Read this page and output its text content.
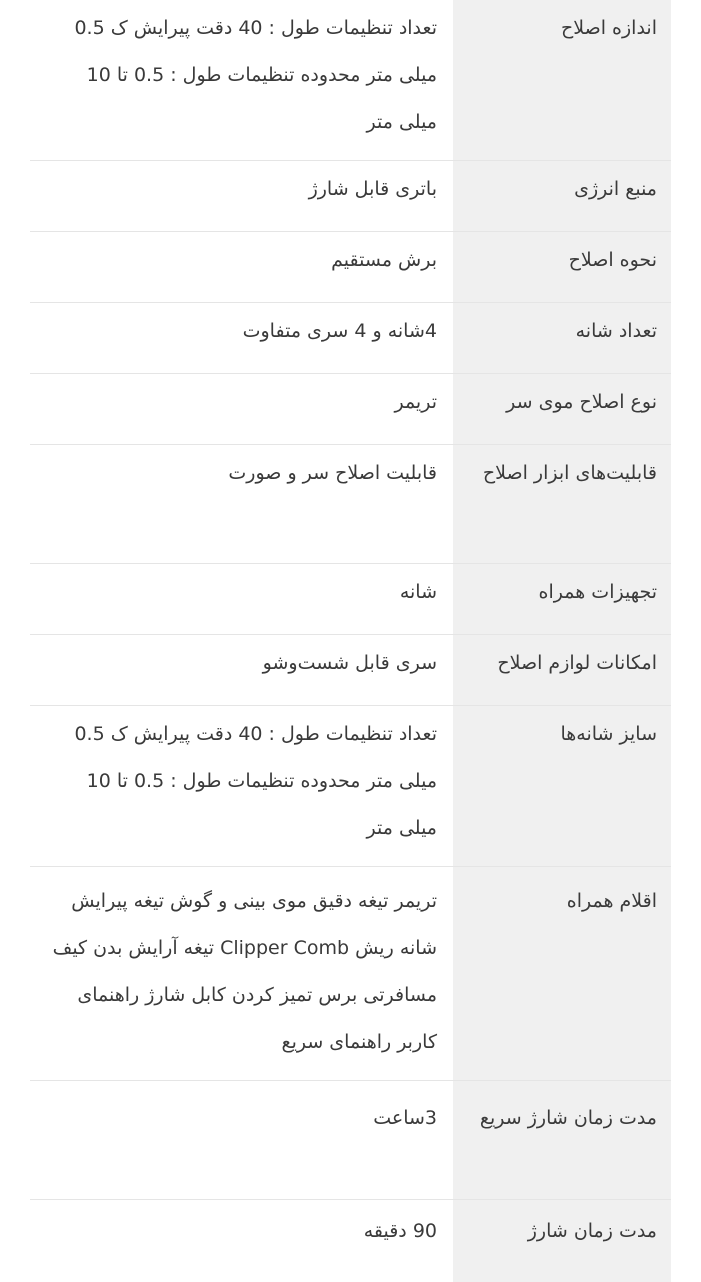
اندازه اصلاح
تعداد تنظیمات طول : 40 دقت پیرایش ک 0.5 میلی متر محدوده تنظیمات طول : 0.5 تا 10 میلی متر
منبع انرژی
باتری قابل شارژ
نحوه اصلاح
برش مستقیم
تعداد شانه
4شانه و 4 سری متفاوت
نوع اصلاح موی سر
تریمر
قابلیت‌های ابزار اصلاح
قابلیت اصلاح سر و صورت
تجهیزات همراه
شانه
امکانات لوازم اصلاح
سری قابل شست‌وشو
سایز شانه‌ها
تعداد تنظیمات طول : 40 دقت پیرایش ک 0.5 میلی متر محدوده تنظیمات طول : 0.5 تا 10 میلی متر
اقلام همراه
تریمر تیغه دقیق موی بینی و گوش تیغه پیرایش شانه ریش Clipper Comb تیغه آرایش بدن کیف مسافرتی برس تمیز کردن کابل شارژ راهنمای کاربر راهنمای سریع
مدت زمان شارژ سریع
3ساعت
مدت زمان شارژ
90 دقیقه
